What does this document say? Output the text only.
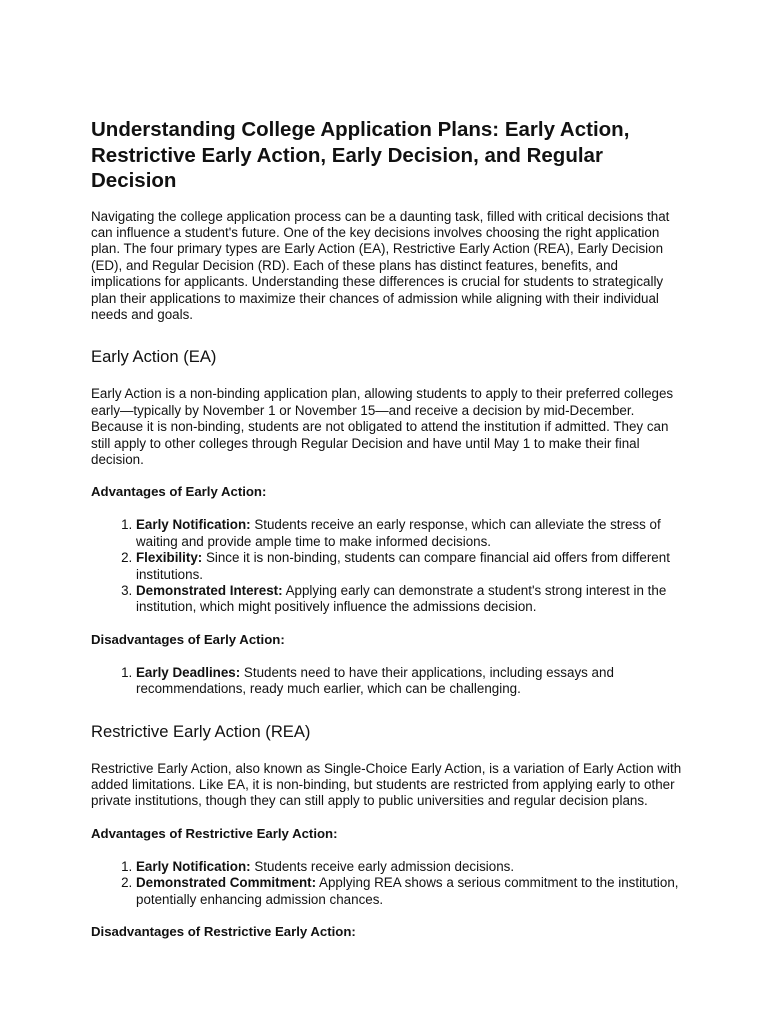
Understanding College Application Plans: Early Action, Restrictive Early Action, Early Decision, and Regular Decision

Navigating the college application process can be a daunting task, filled with critical decisions that can influence a student's future. One of the key decisions involves choosing the right application plan. The four primary types are Early Action (EA), Restrictive Early Action (REA), Early Decision (ED), and Regular Decision (RD). Each of these plans has distinct features, benefits, and implications for applicants. Understanding these differences is crucial for students to strategically plan their applications to maximize their chances of admission while aligning with their individual needs and goals.

Early Action (EA)

Early Action is a non-binding application plan, allowing students to apply to their preferred colleges early—typically by November 1 or November 15—and receive a decision by mid-December. Because it is non-binding, students are not obligated to attend the institution if admitted. They can still apply to other colleges through Regular Decision and have until May 1 to make their final decision.

Advantages of Early Action:
1. Early Notification: Students receive an early response, which can alleviate the stress of waiting and provide ample time to make informed decisions.
2. Flexibility: Since it is non-binding, students can compare financial aid offers from different institutions.
3. Demonstrated Interest: Applying early can demonstrate a student's strong interest in the institution, which might positively influence the admissions decision.
Disadvantages of Early Action:
1. Early Deadlines: Students need to have their applications, including essays and recommendations, ready much earlier, which can be challenging.
Restrictive Early Action (REA)

Restrictive Early Action, also known as Single-Choice Early Action, is a variation of Early Action with added limitations. Like EA, it is non-binding, but students are restricted from applying early to other private institutions, though they can still apply to public universities and regular decision plans.

Advantages of Restrictive Early Action:
1. Early Notification: Students receive early admission decisions.
2. Demonstrated Commitment: Applying REA shows a serious commitment to the institution, potentially enhancing admission chances.
Disadvantages of Restrictive Early Action:
